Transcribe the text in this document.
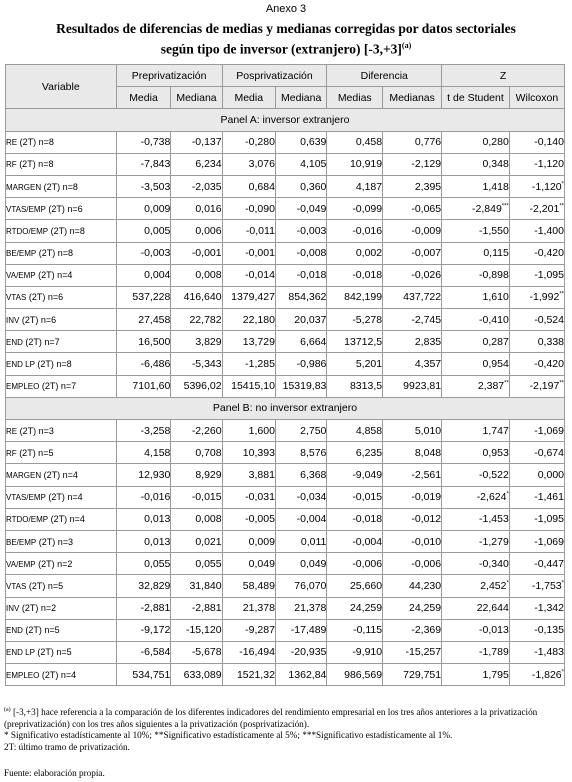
Anexo 3
Resultados de diferencias de medias y medianas corregidas por datos sectoriales
según tipo de inversor (extranjero) $[-3,+3]^{(a)}$
Variable	Preprivatización		Posprivatización		Diferencia		Z	
	Media	Mediana	Media	Mediana	Medias	Medianas	t de Student	Wilcoxon
Panel A: inversor extranjero								
RE (2T) n=8	-0,738	-0,137	-0,280	0,639	0,458	0,776	0,280	-0,140
RF (2T) n=8	-7,843	6,234	3,076	4,105	10,919	-2,129	0,348	-1,120
MARGEN (2T) n=8	-3,503	-2,035	0,684	0,360	4,187	2,395	1,418	-1,120*
VTAS/EMP (2T) n=6	0,009	0,016	-0,090	-0,049	-0,099	-0,065	-2,849***	-2,201**
RTDO/EMP (2T) n=8	0,005	0,006	-0,011	-0,003	-0,016	-0,009	-1,550	-1,400
BE/EMP (2T) n=8	-0,003	-0,001	-0,001	-0,008	0,002	-0,007	0,115	-0,420
VA/EMP (2T) n=4	0,004	0,008	-0,014	-0,018	-0,018	-0,026	-0,898	-1,095
VTAS (2T) n=6	537,228	416,640	1379,427	854,362	842,199	437,722	1,610	-1,992**
INV (2T) n=6	27,458	22,782	22,180	20,037	-5,278	-2,745	-0,410	-0,524
END (2T) n=7	16,500	3,829	13,729	6,664	13712,5	2,835	0,287	0,338
END LP (2T) n=8	-6,486	-5,343	-1,285	-0,986	5,201	4,357	0,954	-0,420
EMPLEO (2T) n=7	7101,60	5396,02	15415,10	15319,83	8313,5	9923,81	2,387**	-2,197**
Panel B: no inversor extranjero								
RE (2T) n=3	-3,258	-2,260	1,600	2,750	4,858	5,010	1,747	-1,069
RF (2T) n=5	4,158	0,708	10,393	8,576	6,235	8,048	0,953	-0,674
MARGEN (2T) n=4	12,930	8,929	3,881	6,368	-9,049	-2,561	-0,522	0,000
VTAS/EMP (2T) n=4	-0,016	-0,015	-0,031	-0,034	-0,015	-0,019	-2,624*	-1,461
RTDO/EMP (2T) n=4	0,013	0,008	-0,005	-0,004	-0,018	-0,012	-1,453	-1,095
BE/EMP (2T) n=3	0,013	0,021	0,009	0,011	-0,004	-0,010	-1,279	-1,069
VA/EMP (2T) n=2	0,055	0,055	0,049	0,049	-0,006	-0,006	-0,340	-0,447
VTAS (2T) n=5	32,829	31,840	58,489	76,070	25,660	44,230	2,452*	-1,753*
INV (2T) n=2	-2,881	-2,881	21,378	21,378	24,259	24,259	22,644	-1,342
END (2T) n=5	-9,172	-15,120	-9,287	-17,489	-0,115	-2,369	-0,013	-0,135
END LP (2T) n=5	-6,584	-5,678	-16,494	-20,935	-9,910	-15,257	-1,789	-1,483
EMPLEO (2T) n=4	534,751	633,089	1521,32	1362,84	986,569	729,751	1,795	-1,826*

$^{(a)}$ [-3,+3] hace referencia a la comparación de los diferentes indicadores del rendimiento empresarial en los tres años anteriores a la privatización (preprivatización) con los tres años siguientes a la privatización (posprivatización).

* Significativo estadísticamente al 10%; **Significativo estadísticamente al 5%; ***Significativo estadísticamente al 1%.

2T: último tramo de privatización.

Fuente: elaboración propia.
